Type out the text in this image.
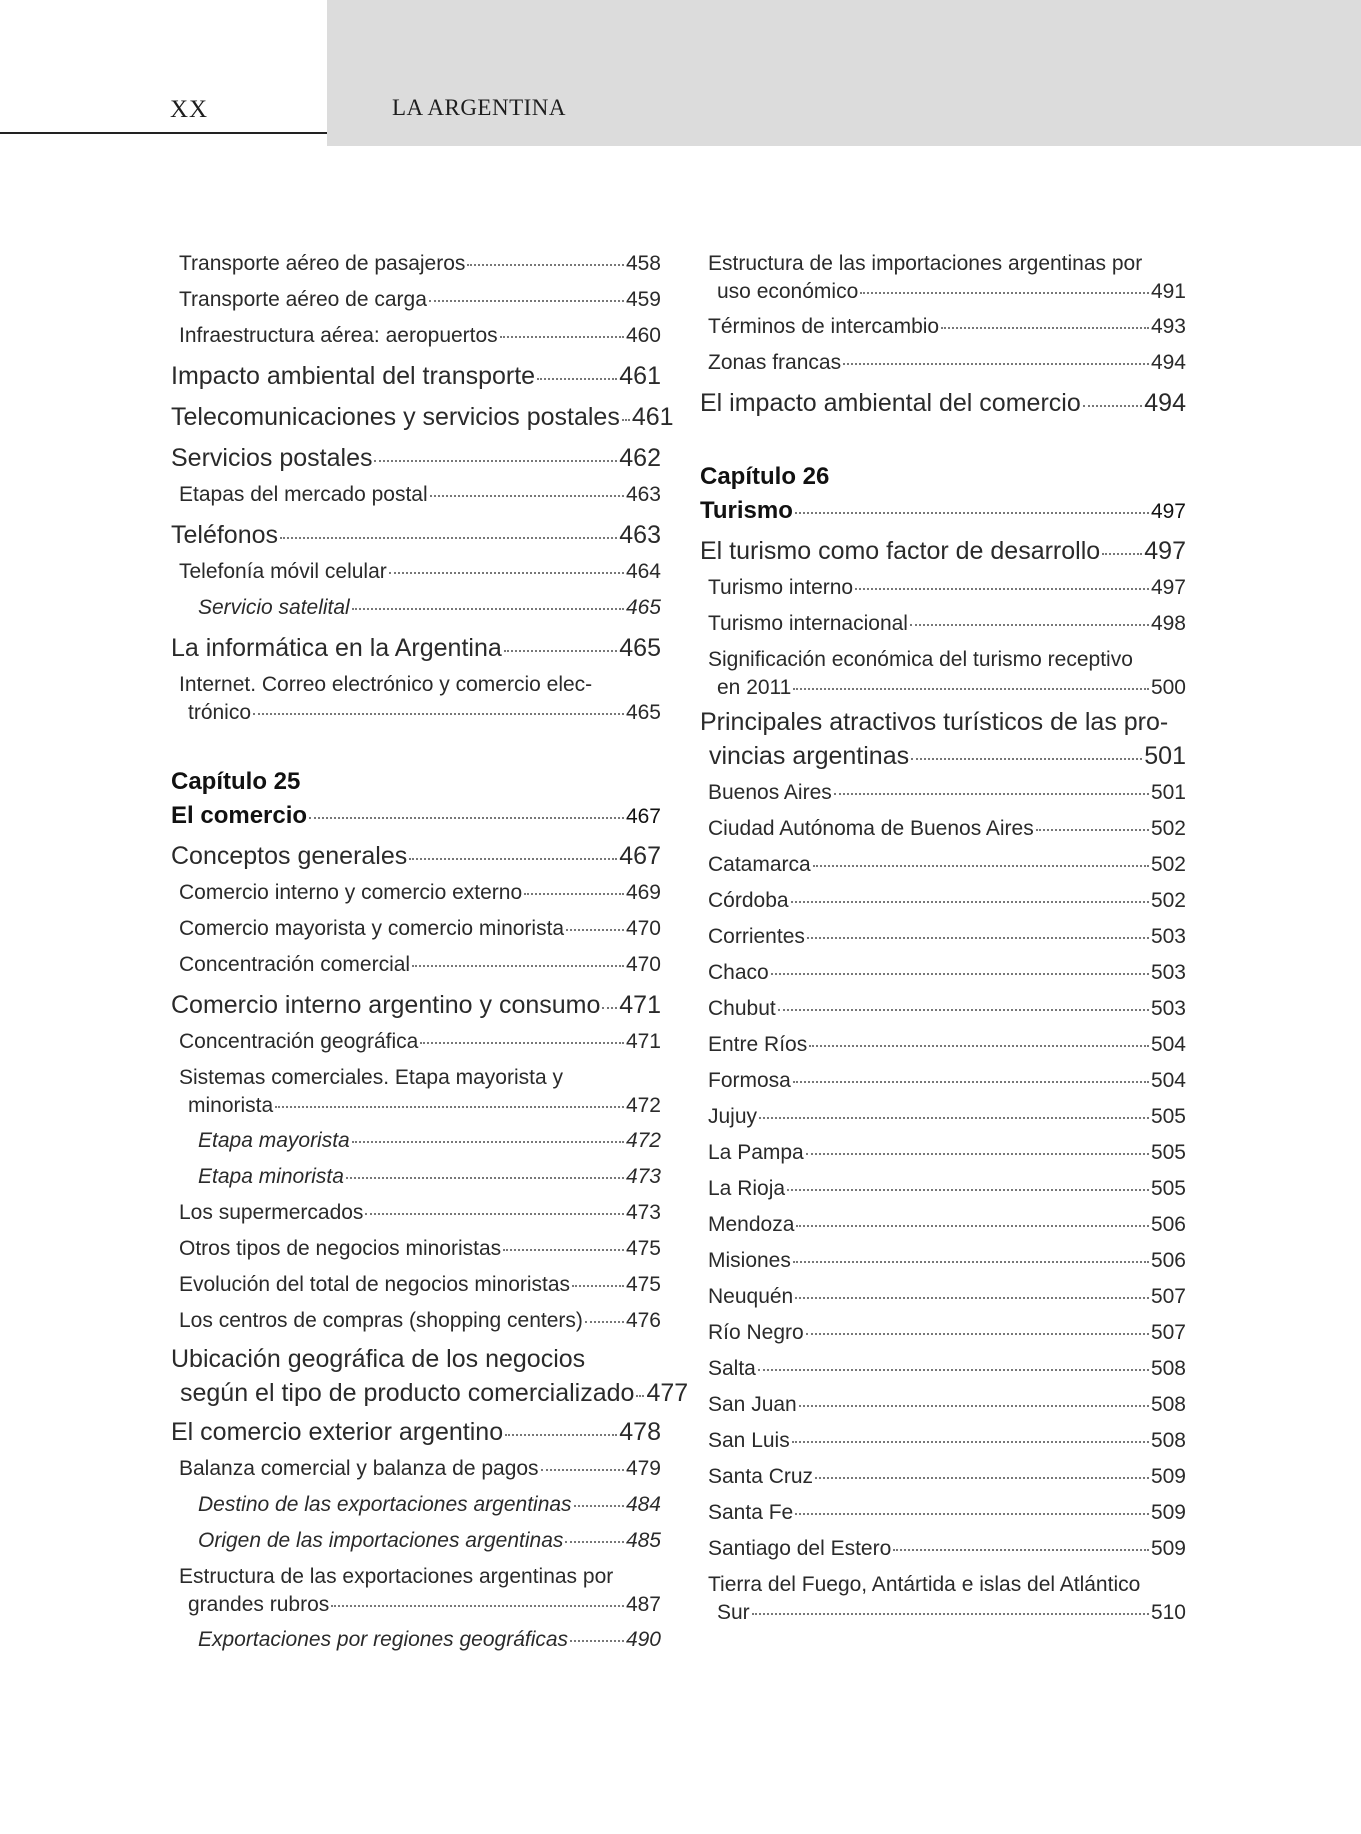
XX	LA ARGENTINA
Transporte aéreo de pasajeros	458
Transporte aéreo de carga	459
Infraestructura aérea: aeropuertos	460
Impacto ambiental del transporte	461
Telecomunicaciones y servicios postales 461
Servicios postales	462
Etapas del mercado postal	463
Teléfonos	463
Telefonía móvil celular	464
Servicio satelital	465
La informática en la Argentina	465
Internet. Correo electrónico y comercio elec-
trónico	465
Capítulo 25
El comercio	467
Conceptos generales	467
Comercio interno y comercio externo	469
Comercio mayorista y comercio minorista	470
Concentración comercial	470
Comercio interno argentino y consumo 471
Concentración geográfica	471
Sistemas comerciales. Etapa mayorista y
minorista	472
Etapa mayorista	472
Etapa minorista	473
Los supermercados	473
Otros tipos de negocios minoristas	475
Evolución del total de negocios minoristas	475
Los centros de compras (shopping centers) 476
Ubicación geográfica de los negocios
según el tipo de producto comercializado 477
El comercio exterior argentino	478
Balanza comercial y balanza de pagos	479
Destino de las exportaciones argentinas	484
Origen de las importaciones argentinas	485
Estructura de las exportaciones argentinas por
grandes rubros	487
Exportaciones por regiones geográficas	490
Estructura de las importaciones argentinas por
uso económico	491
Términos de intercambio	493
Zonas francas	494
El impacto ambiental del comercio	494
Capítulo 26
Turismo	497
El turismo como factor de desarrollo 497
Turismo interno	497
Turismo internacional	498
Significación económica del turismo receptivo
en 2011	500
Principales atractivos turísticos de las pro-
vincias argentinas	501
Buenos Aires	501
Ciudad Autónoma de Buenos Aires	502
Catamarca	502
Córdoba	502
Corrientes	503
Chaco	503
Chubut	503
Entre Ríos	504
Formosa	504
Jujuy	505
La Pampa	505
La Rioja	505
Mendoza	506
Misiones	506
Neuquén	507
Río Negro	507
Salta	508
San Juan	508
San Luis	508
Santa Cruz	509
Santa Fe	509
Santiago del Estero	509
Tierra del Fuego, Antártida e islas del Atlántico
Sur	510
